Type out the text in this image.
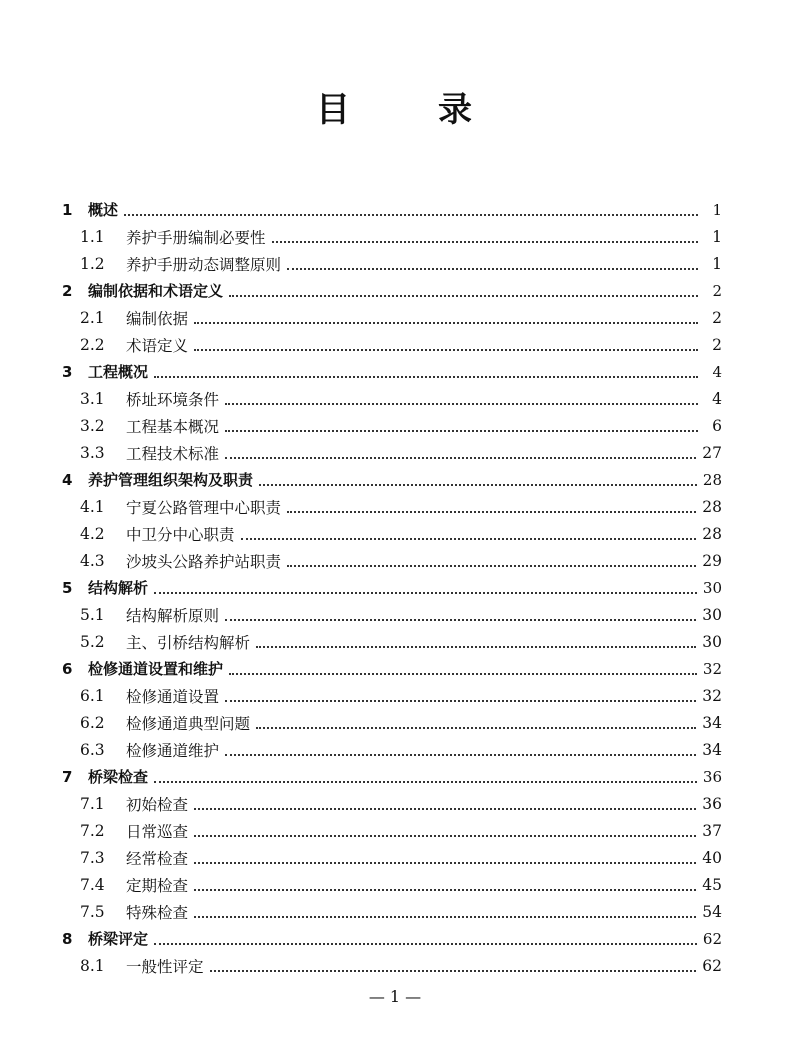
目	录
1	概述	1
1.1	养护手册编制必要性	1
1.2	养护手册动态调整原则	1
2	编制依据和术语定义	2
2.1	编制依据	2
2.2	术语定义	2
3	工程概况	4
3.1	桥址环境条件	4
3.2	工程基本概况	6
3.3	工程技术标准	27
4	养护管理组织架构及职责	28
4.1	宁夏公路管理中心职责	28
4.2	中卫分中心职责	28
4.3	沙坡头公路养护站职责	29
5	结构解析	30
5.1	结构解析原则	30
5.2	主、引桥结构解析	30
6	检修通道设置和维护	32
6.1	检修通道设置	32
6.2	检修通道典型问题	34
6.3	检修通道维护	34
7	桥梁检查	36
7.1	初始检查	36
7.2	日常巡查	37
7.3	经常检查	40
7.4	定期检查	45
7.5	特殊检查	54
8	桥梁评定	62
8.1	一般性评定	62
— 1 —
